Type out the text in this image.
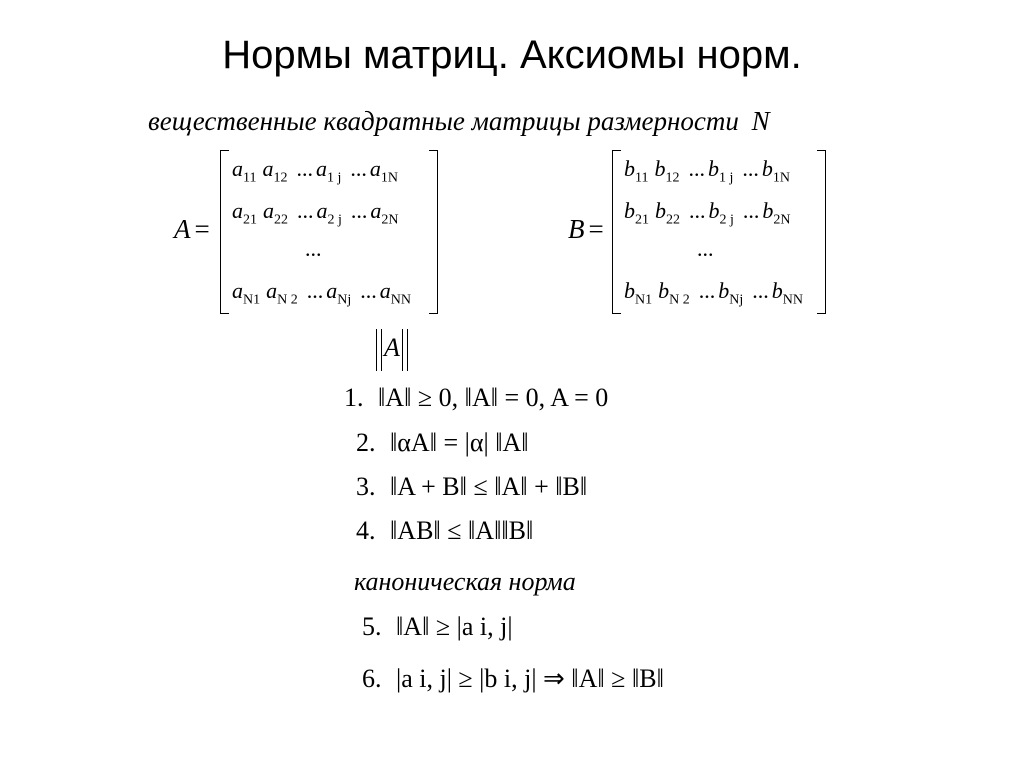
Нормы матриц. Аксиомы норм.
вещественные квадратные матрицы размерности N
A =
$a_{11}$ $a_{12}$ ... $a_{1 j}$ ... $a_{1N}$
$a_{21}$ $a_{22}$ ... $a_{2 j}$ ... $a_{2N}$
...
$a_{N1}$ $a_{N 2}$ ... $a_{Nj}$ ... $a_{NN}$
B =
$b_{11}$ $b_{12}$ ... $b_{1 j}$ ... $b_{1N}$
$b_{21}$ $b_{22}$ ... $b_{2 j}$ ... $b_{2N}$
...
$b_{N1}$ $b_{N 2}$ ... $b_{Nj}$ ... $b_{NN}$
A
1. ‖A‖ ≥ 0, ‖A‖ = 0, A = 0
2. ‖αA‖ = |α| ‖A‖
3. ‖A + B‖ ≤ ‖A‖ + ‖B‖
4. ‖AB‖ ≤ ‖A‖‖B‖
каноническая норма
5. ‖A‖ ≥ |a i, j|
6. |a i, j| ≥ |b i, j| ⇒ ‖A‖ ≥ ‖B‖
